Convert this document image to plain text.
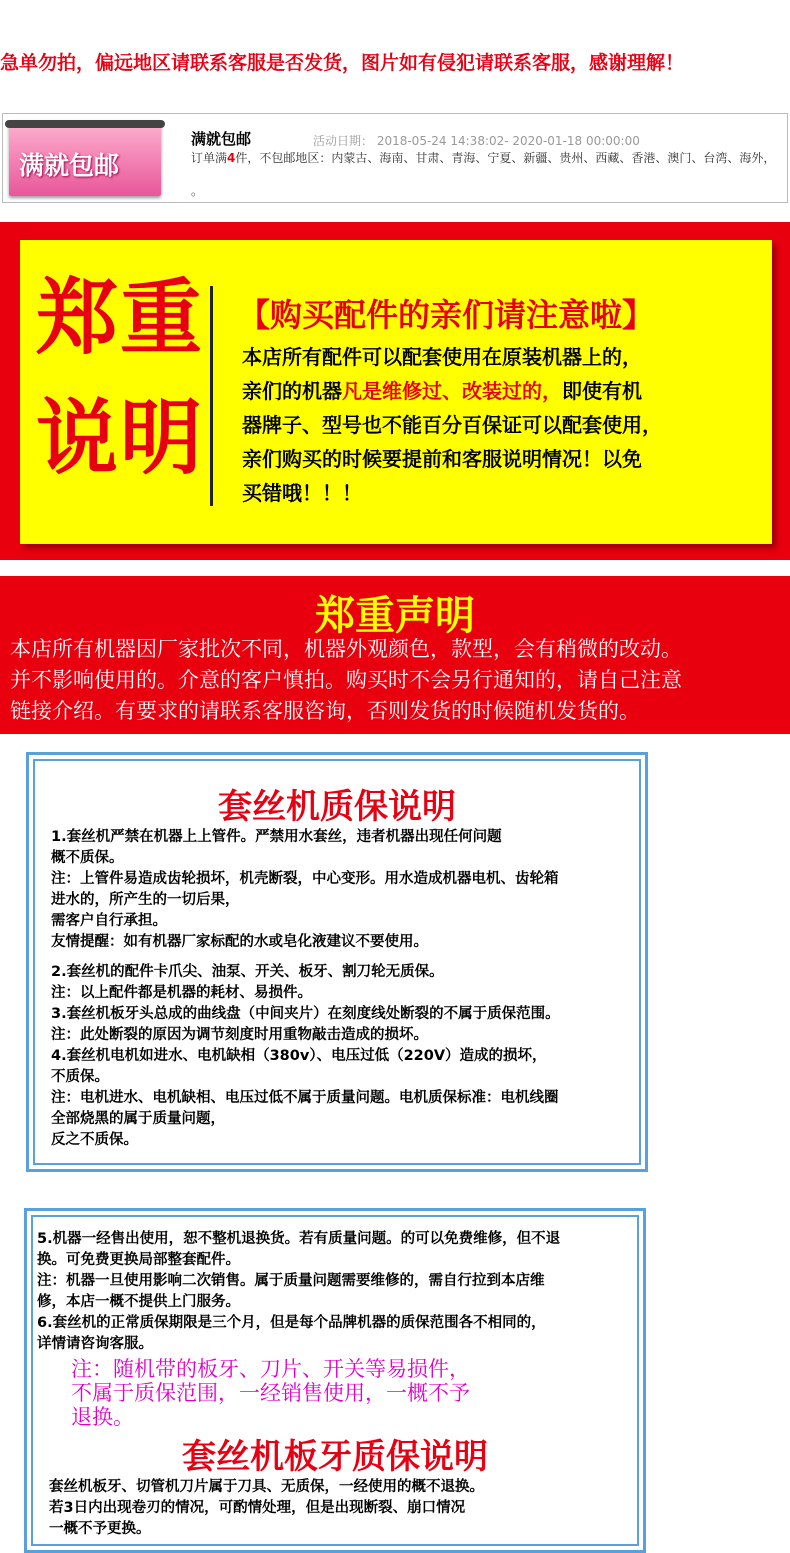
急单勿拍，偏远地区请联系客服是否发货，图片如有侵犯请联系客服，感谢理解！
满就包邮
满就包邮	活动日期： 2018-05-24 14:38:02- 2020-01-18 00:00:00
订单满4件，不包邮地区：内蒙古、海南、甘肃、青海、宁夏、新疆、贵州、西藏、香港、澳门、台湾、海外，
。
郑重
说明
【购买配件的亲们请注意啦】
本店所有配件可以配套使用在原装机器上的，
亲们的机器凡是维修过、改装过的，即使有机
器牌子、型号也不能百分百保证可以配套使用，
亲们购买的时候要提前和客服说明情况！以免
买错哦！！！
郑重声明
本店所有机器因厂家批次不同，机器外观颜色，款型，会有稍微的改动。
并不影响使用的。介意的客户慎拍。购买时不会另行通知的，请自己注意
链接介绍。有要求的请联系客服咨询，否则发货的时候随机发货的。
套丝机质保说明
1.套丝机严禁在机器上上管件。严禁用水套丝，违者机器出现任何问题
概不质保。
注：上管件易造成齿轮损坏，机壳断裂，中心变形。用水造成机器电机、齿轮箱
进水的，所产生的一切后果，
需客户自行承担。
友情提醒：如有机器厂家标配的水或皂化液建议不要使用。
2.套丝机的配件卡爪尖、油泵、开关、板牙、割刀轮无质保。
注：以上配件都是机器的耗材、易损件。
3.套丝机板牙头总成的曲线盘（中间夹片）在刻度线处断裂的不属于质保范围。
注：此处断裂的原因为调节刻度时用重物敲击造成的损坏。
4.套丝机电机如进水、电机缺相（380v）、电压过低（220V）造成的损坏，
不质保。
注：电机进水、电机缺相、电压过低不属于质量问题。电机质保标准：电机线圈
全部烧黑的属于质量问题，
反之不质保。
5.机器一经售出使用，恕不整机退换货。若有质量问题。的可以免费维修，但不退
换。可免费更换局部整套配件。
注：机器一旦使用影响二次销售。属于质量问题需要维修的，需自行拉到本店维
修，本店一概不提供上门服务。
6.套丝机的正常质保期限是三个月，但是每个品牌机器的质保范围各不相同的，
详情请咨询客服。
注：随机带的板牙、刀片、开关等易损件，
不属于质保范围，一经销售使用，一概不予
退换。
套丝机板牙质保说明
套丝机板牙、切管机刀片属于刀具、无质保，一经使用的概不退换。
若3日内出现卷刃的情况，可酌情处理，但是出现断裂、崩口情况
一概不予更换。
